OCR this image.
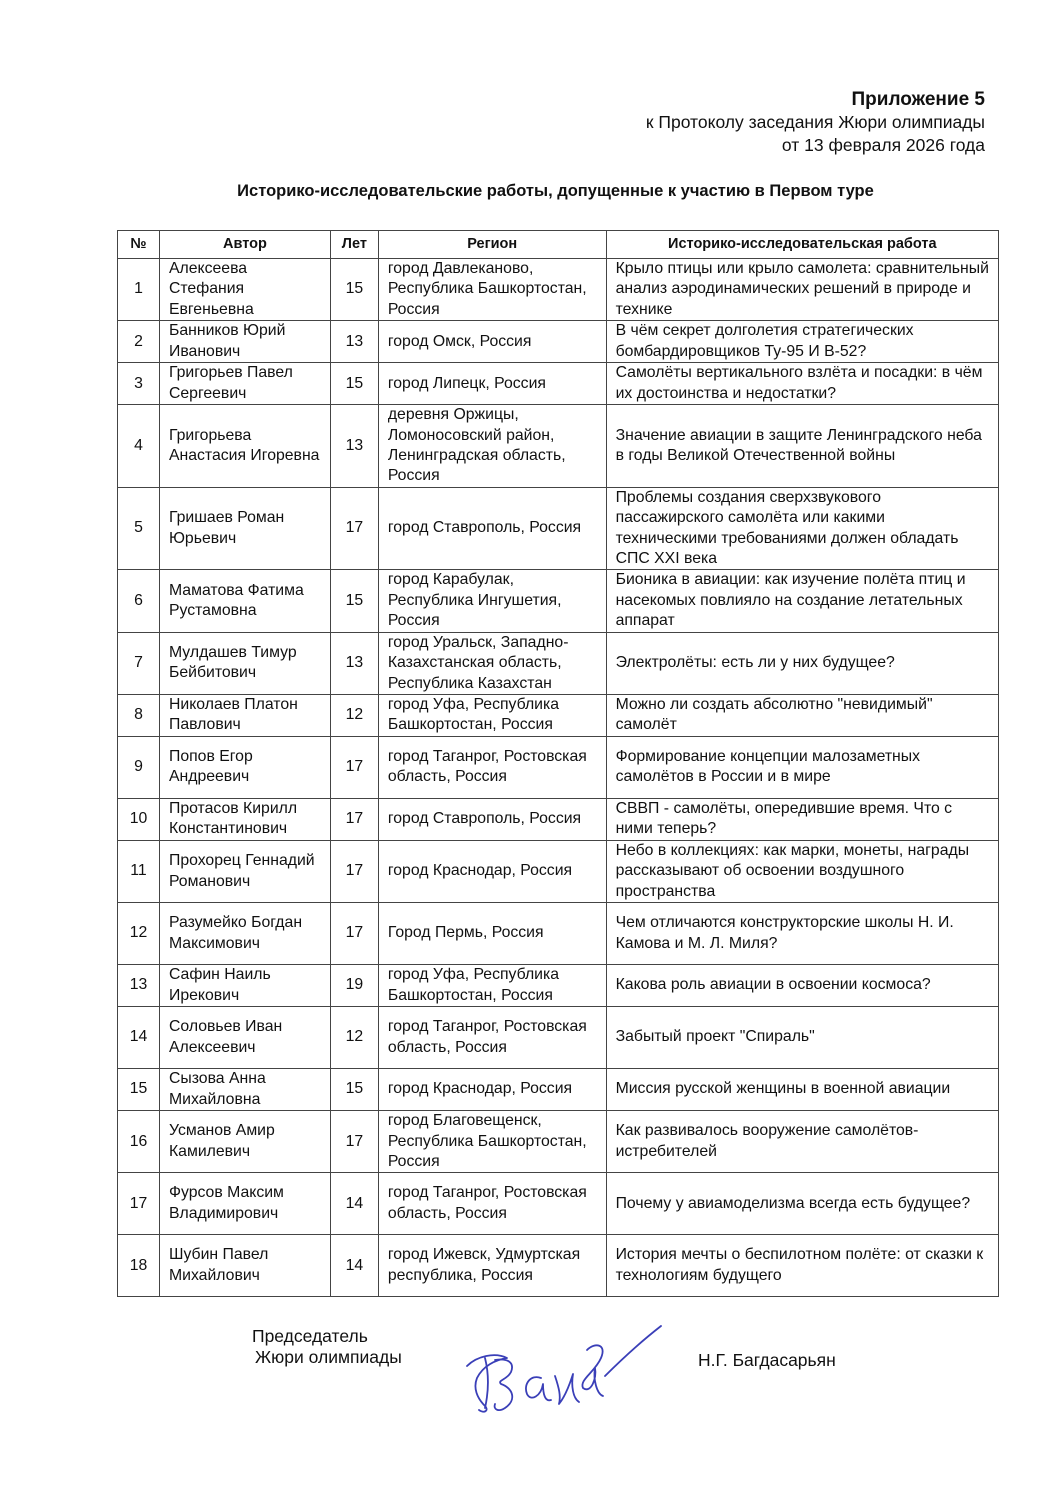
Приложение 5
к Протоколу заседания Жюри олимпиады
от 13 февраля 2026 года
Историко-исследовательские работы, допущенные к участию в Первом туре
№	Автор	Лет	Регион	Историко-исследовательская работа
1	Алексеева Стефания Евгеньевна	15	город Давлеканово, Республика Башкортостан, Россия	Крыло птицы или крыло самолета: сравнительный анализ аэродинамических решений в природе и технике
2	Банников Юрий Иванович	13	город Омск, Россия	В чём секрет долголетия стратегических бомбардировщиков Ту-95 И В-52?
3	Григорьев Павел Сергеевич	15	город Липецк, Россия	Самолёты вертикального взлёта и посадки: в чём их достоинства и недостатки?
4	Григорьева Анастасия Игоревна	13	деревня Оржицы, Ломоносовский район, Ленинградская область, Россия	Значение авиации в защите Ленинградского неба в годы Великой Отечественной войны
5	Гришаев Роман Юрьевич	17	город Ставрополь, Россия	Проблемы создания сверхзвукового пассажирского самолёта или какими техническими требованиями должен обладать СПС XXI века
6	Маматова Фатима Рустамовна	15	город Карабулак, Республика Ингушетия, Россия	Бионика в авиации: как изучение полёта птиц и насекомых повлияло на создание летательных аппарат
7	Мулдашев Тимур Бейбитович	13	город Уральск, Западно-Казахстанская область, Республика Казахстан	Электролёты: есть ли у них будущее?
8	Николаев Платон Павлович	12	город Уфа, Республика Башкортостан, Россия	Можно ли создать абсолютно "невидимый" самолёт
9	Попов Егор Андреевич	17	город Таганрог, Ростовская область, Россия	Формирование концепции малозаметных самолётов в России и в мире
10	Протасов Кирилл Константинович	17	город Ставрополь, Россия	СВВП - самолёты, опередившие время. Что с ними теперь?
11	Прохорец Геннадий Романович	17	город Краснодар, Россия	Небо в коллекциях: как марки, монеты, награды рассказывают об освоении воздушного пространства
12	Разумейко Богдан Максимович	17	Город Пермь, Россия	Чем отличаются конструкторские школы Н. И. Камова и М. Л. Миля?
13	Сафин Наиль Ирекович	19	город Уфа, Республика Башкортостан, Россия	Какова роль авиации в освоении космоса?
14	Соловьев Иван Алексеевич	12	город Таганрог, Ростовская область, Россия	Забытый проект "Спираль"
15	Сызова Анна Михайловна	15	город Краснодар, Россия	Миссия русской женщины в военной авиации
16	Усманов Амир Камилевич	17	город Благовещенск, Республика Башкортостан, Россия	Как развивалось вооружение самолётов-истребителей
17	Фурсов Максим Владимирович	14	город Таганрог, Ростовская область, Россия	Почему у авиамоделизма всегда есть будущее?
18	Шубин Павел Михайлович	14	город Ижевск, Удмуртская республика, Россия	История мечты о беспилотном полёте: от сказки к технологиям будущего
Председатель
Жюри олимпиады	Н.Г. Багдасарьян
